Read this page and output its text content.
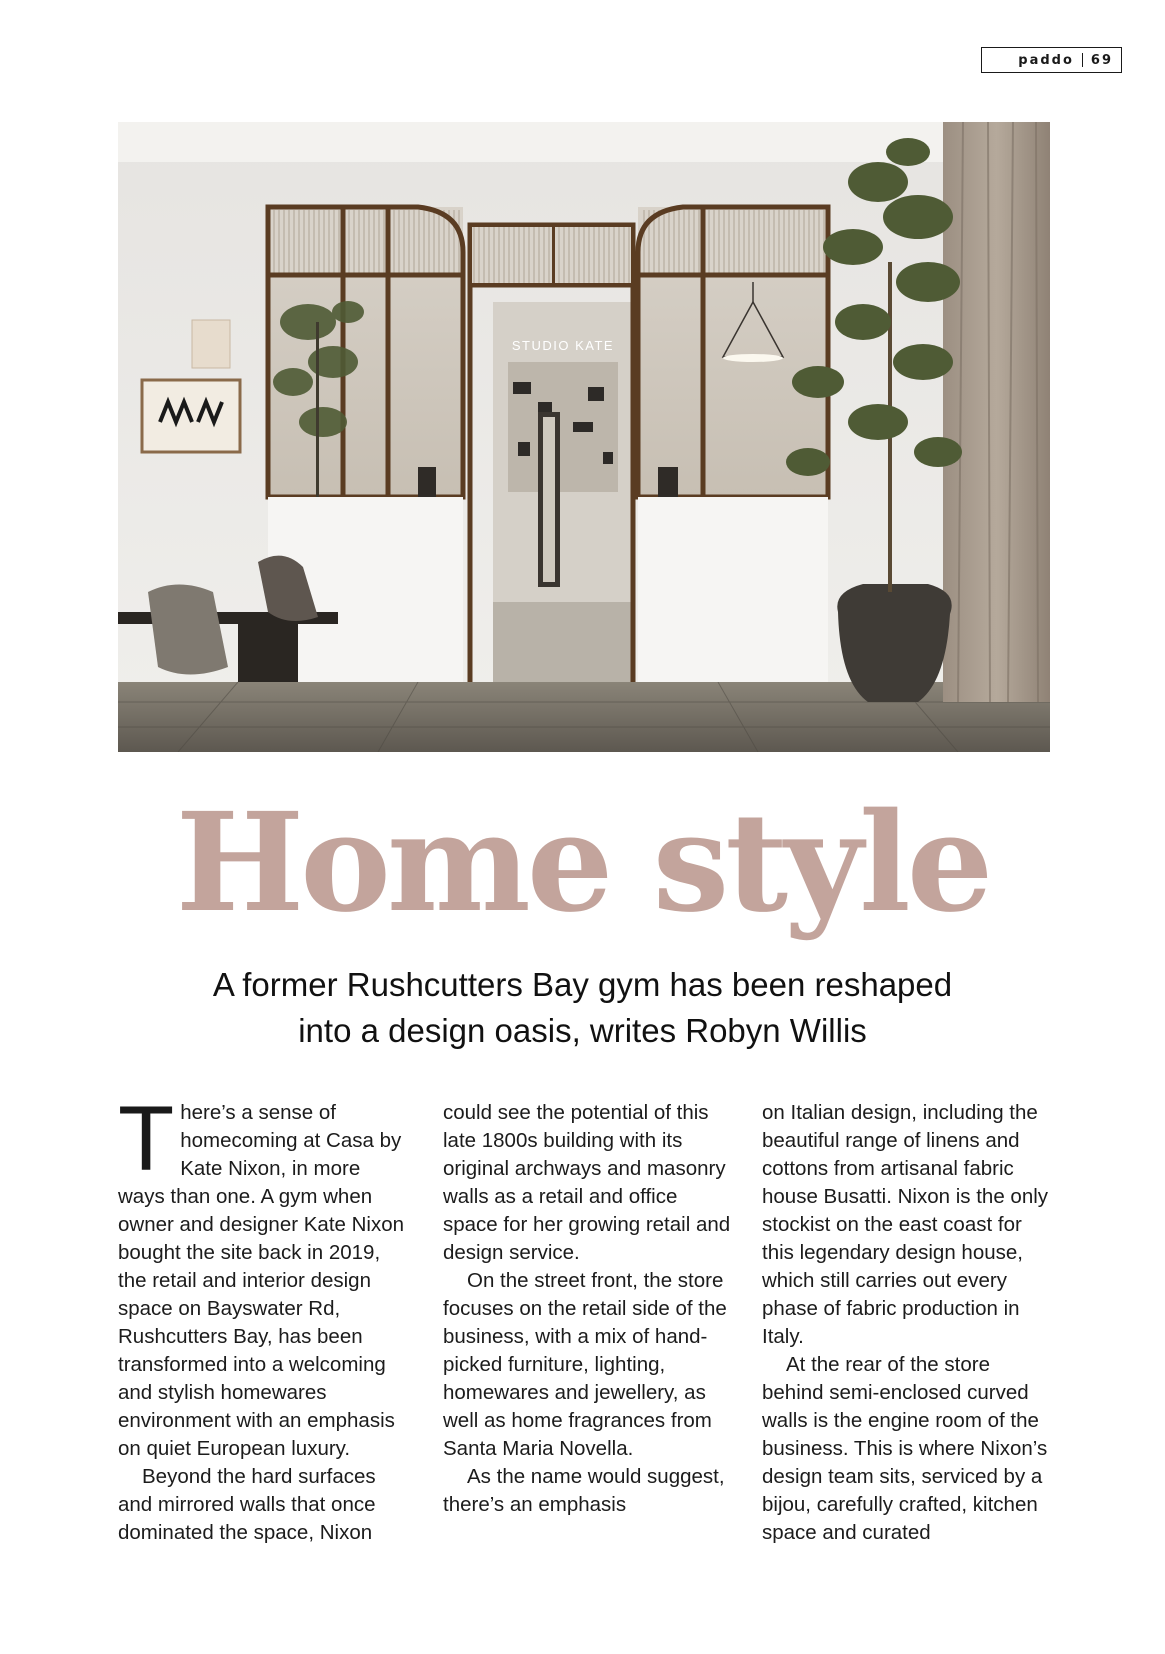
paddo 69
STUDIO KATE
Home style
A former Rushcutters Bay gym has been reshaped
into a design oasis, writes Robyn Willis

There’s a sense of homecoming at Casa by Kate Nixon, in more ways than one. A gym when owner and designer Kate Nixon bought the site back in 2019, the retail and interior design space on Bayswater Rd, Rushcutters Bay, has been transformed into a welcoming and stylish homewares environment with an emphasis on quiet European luxury.

Beyond the hard surfaces and mirrored walls that once dominated the space, Nixon

could see the potential of this late 1800s building with its original archways and masonry walls as a retail and office space for her growing retail and design service.

On the street front, the store focuses on the retail side of the business, with a mix of hand-picked furniture, lighting, homewares and jewellery, as well as home fragrances from Santa Maria Novella.

As the name would suggest, there’s an emphasis

on Italian design, including the beautiful range of linens and cottons from artisanal fabric house Busatti. Nixon is the only stockist on the east coast for this legendary design house, which still carries out every phase of fabric production in Italy.

At the rear of the store behind semi-enclosed curved walls is the engine room of the business. This is where Nixon’s design team sits, serviced by a bijou, carefully crafted, kitchen space and curated
